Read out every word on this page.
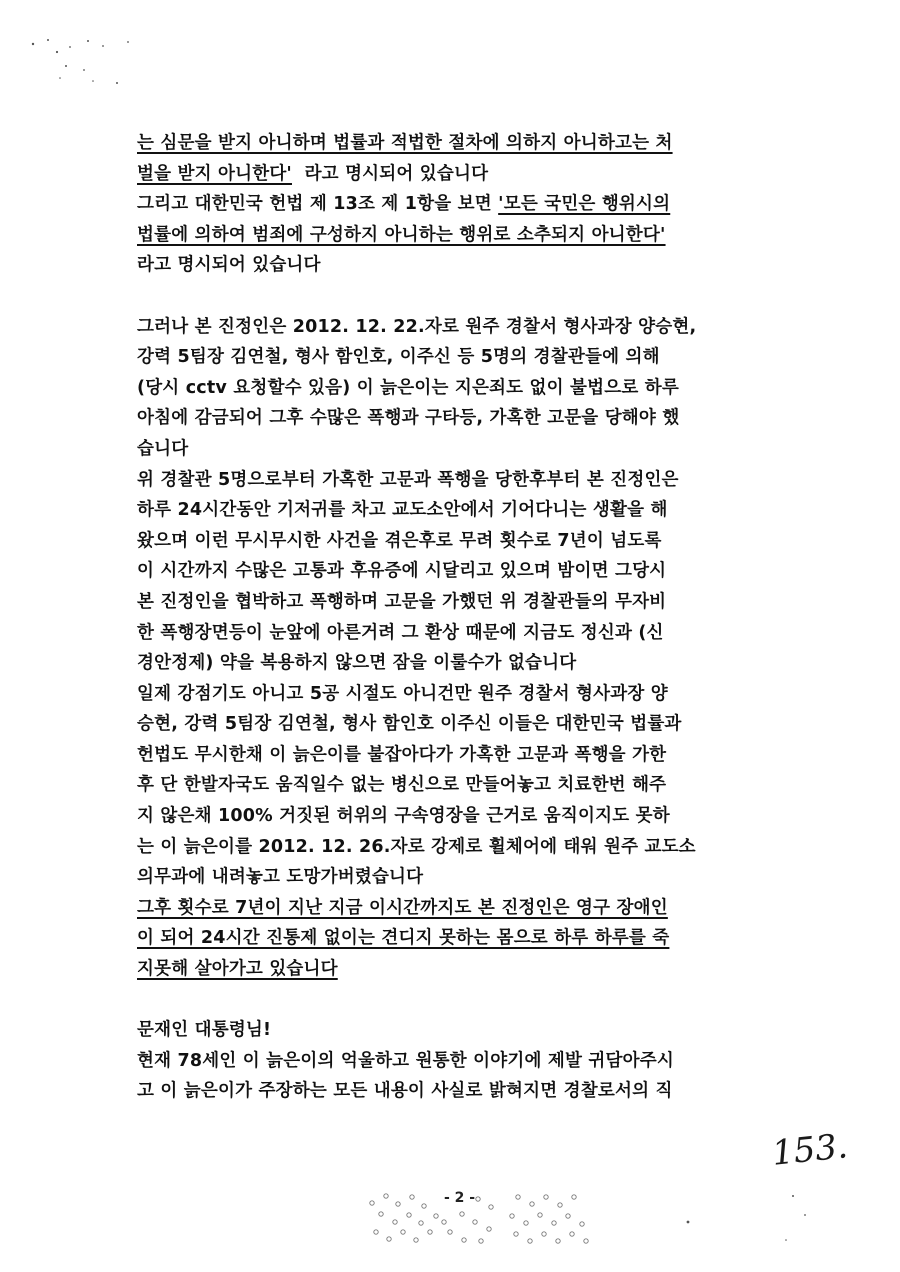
는 심문을 받지 아니하며 법률과 적법한 절차에 의하지 아니하고는 처
벌을 받지 아니한다'  라고 명시되어 있습니다
그리고 대한민국 헌법 제 13조 제 1항을 보면 '모든 국민은 행위시의
법률에 의하여 범죄에 구성하지 아니하는 행위로 소추되지 아니한다'
라고 명시되어 있습니다
그러나 본 진정인은 2012. 12. 22.자로 원주 경찰서 형사과장 양승현,
강력 5팀장 김연철, 형사 함인호, 이주신 등 5명의 경찰관들에 의해
(당시 cctv 요청할수 있음) 이 늙은이는 지은죄도 없이 불법으로 하루
아침에 감금되어 그후 수많은 폭행과 구타등, 가혹한 고문을 당해야 했
습니다
위 경찰관 5명으로부터 가혹한 고문과 폭행을 당한후부터 본 진정인은
하루 24시간동안 기저귀를 차고 교도소안에서 기어다니는 생활을 해
왔으며 이런 무시무시한 사건을 겪은후로 무려 횟수로 7년이 넘도록
이 시간까지 수많은 고통과 후유증에 시달리고 있으며 밤이면 그당시
본 진정인을 협박하고 폭행하며 고문을 가했던 위 경찰관들의 무자비
한 폭행장면등이 눈앞에 아른거려 그 환상 때문에 지금도 정신과 (신
경안정제) 약을 복용하지 않으면 잠을 이룰수가 없습니다
일제 강점기도 아니고 5공 시절도 아니건만 원주 경찰서 형사과장 양
승현, 강력 5팀장 김연철, 형사 함인호 이주신 이들은 대한민국 법률과
헌법도 무시한채 이 늙은이를 불잡아다가 가혹한 고문과 폭행을 가한
후 단 한발자국도 움직일수 없는 병신으로 만들어놓고 치료한번 해주
지 않은채 100% 거짓된 허위의 구속영장을 근거로 움직이지도 못하
는 이 늙은이를 2012. 12. 26.자로 강제로 휠체어에 태워 원주 교도소
의무과에 내려놓고 도망가버렸습니다
그후 횟수로 7년이 지난 지금 이시간까지도 본 진정인은 영구 장애인
이 되어 24시간 진통제 없이는 견디지 못하는 몸으로 하루 하루를 죽
지못해 살아가고 있습니다
문재인 대통령님!
현재 78세인 이 늙은이의 억울하고 원통한 이야기에 제발 귀담아주시
고 이 늙은이가 주장하는 모든 내용이 사실로 밝혀지면 경찰로서의 직
- 2 -
153.
